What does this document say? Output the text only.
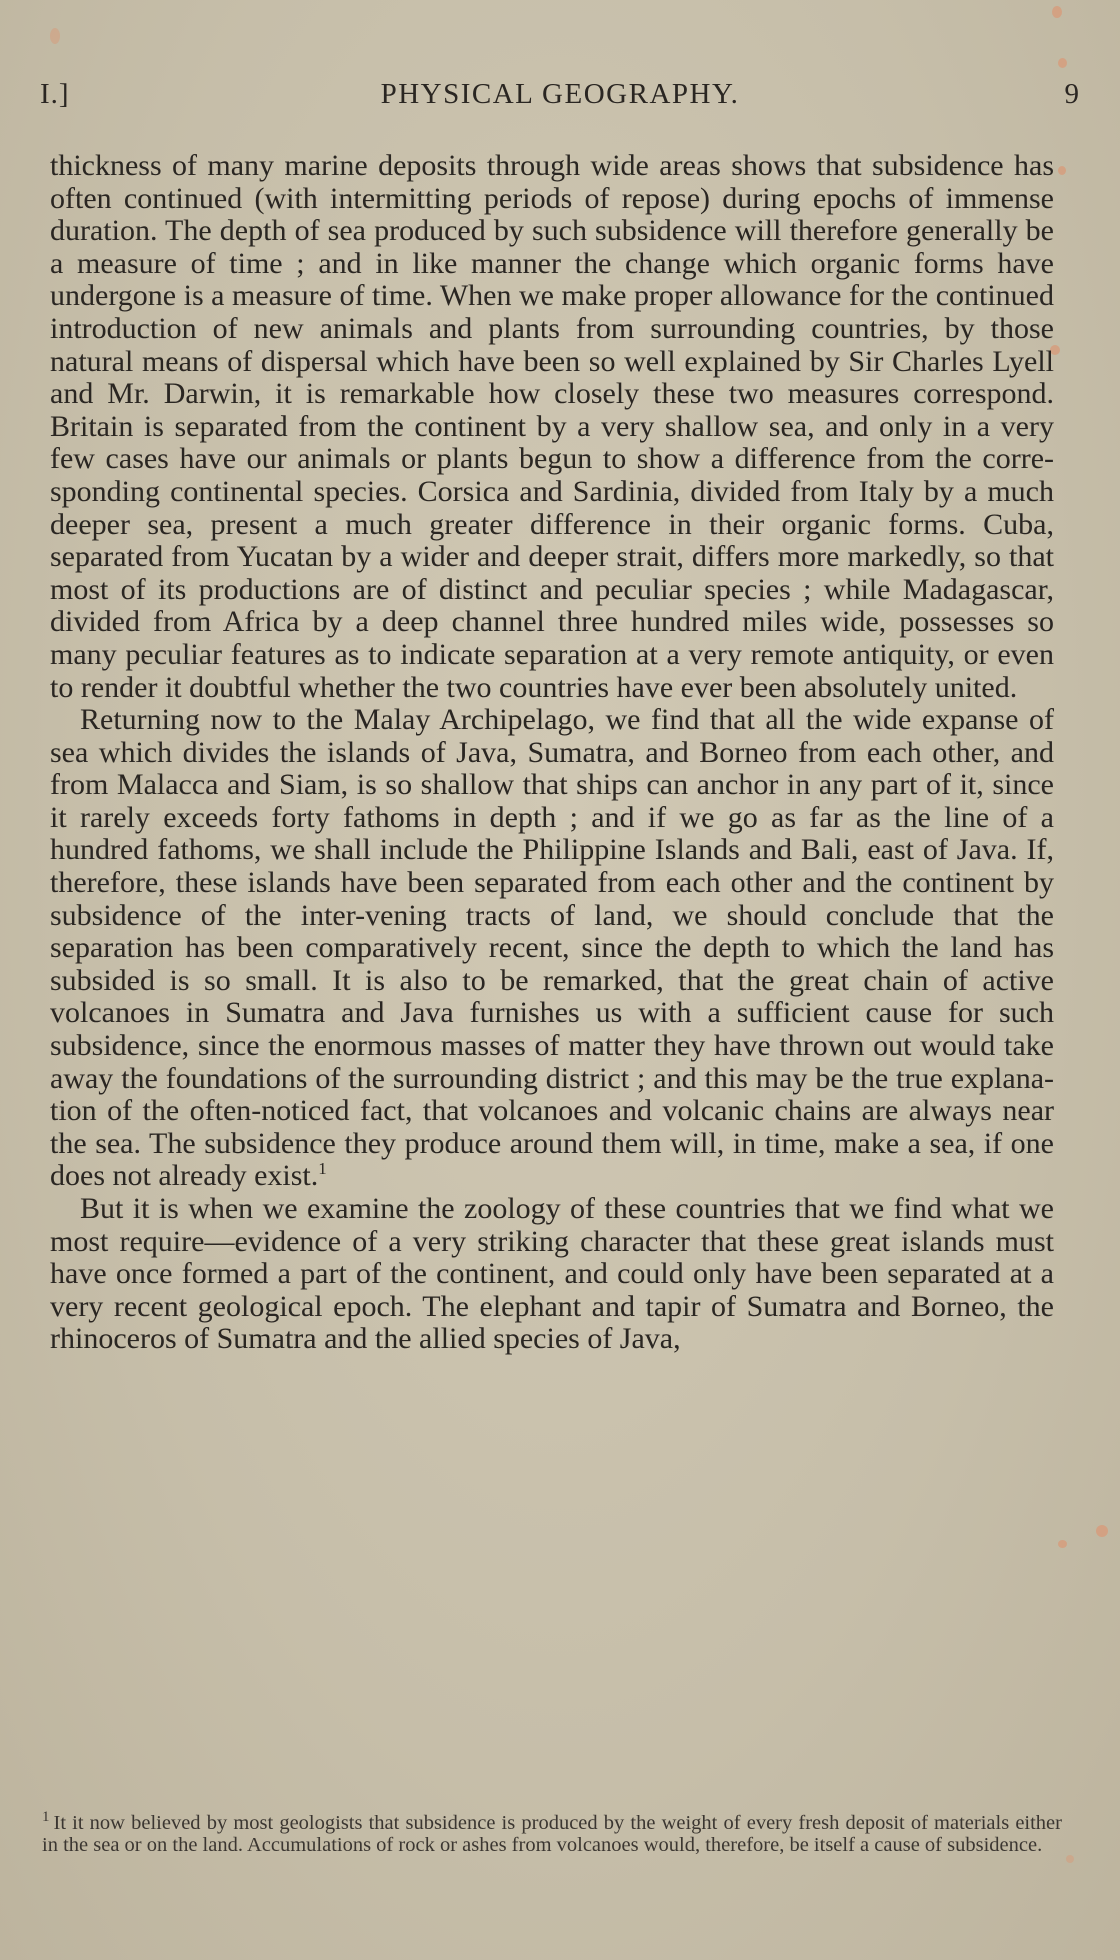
I.]	PHYSICAL GEOGRAPHY.	9

thickness of many marine deposits through wide areas shows that subsidence has often continued (with intermitting periods of repose) during epochs of immense duration. The depth of sea produced by such subsidence will therefore generally be a measure of time ; and in like manner the change which organic forms have undergone is a measure of time. When we make proper allowance for the continued introduction of new animals and plants from surrounding countries, by those natural means of dispersal which have been so well explained by Sir Charles Lyell and Mr. Darwin, it is remarkable how closely these two measures correspond. Britain is separated from the continent by a very shallow sea, and only in a very few cases have our animals or plants begun to show a difference from the corre-sponding continental species. Corsica and Sardinia, divided from Italy by a much deeper sea, present a much greater difference in their organic forms. Cuba, separated from Yucatan by a wider and deeper strait, differs more markedly, so that most of its productions are of distinct and peculiar species ; while Madagascar, divided from Africa by a deep channel three hundred miles wide, possesses so many peculiar features as to indicate separation at a very remote antiquity, or even to render it doubtful whether the two countries have ever been absolutely united.

Returning now to the Malay Archipelago, we find that all the wide expanse of sea which divides the islands of Java, Sumatra, and Borneo from each other, and from Malacca and Siam, is so shallow that ships can anchor in any part of it, since it rarely exceeds forty fathoms in depth ; and if we go as far as the line of a hundred fathoms, we shall include the Philippine Islands and Bali, east of Java. If, therefore, these islands have been separated from each other and the continent by subsidence of the inter-vening tracts of land, we should conclude that the separation has been comparatively recent, since the depth to which the land has subsided is so small. It is also to be remarked, that the great chain of active volcanoes in Sumatra and Java furnishes us with a sufficient cause for such subsidence, since the enormous masses of matter they have thrown out would take away the foundations of the surrounding district ; and this may be the true explana-tion of the often-noticed fact, that volcanoes and volcanic chains are always near the sea. The subsidence they produce around them will, in time, make a sea, if one does not already exist.$^1$

But it is when we examine the zoology of these countries that we find what we most require—evidence of a very striking character that these great islands must have once formed a part of the continent, and could only have been separated at a very recent geological epoch. The elephant and tapir of Sumatra and Borneo, the rhinoceros of Sumatra and the allied species of Java,

$^1$ It it now believed by most geologists that subsidence is produced by the weight of every fresh deposit of materials either in the sea or on the land. Accumulations of rock or ashes from volcanoes would, therefore, be itself a cause of subsidence.
